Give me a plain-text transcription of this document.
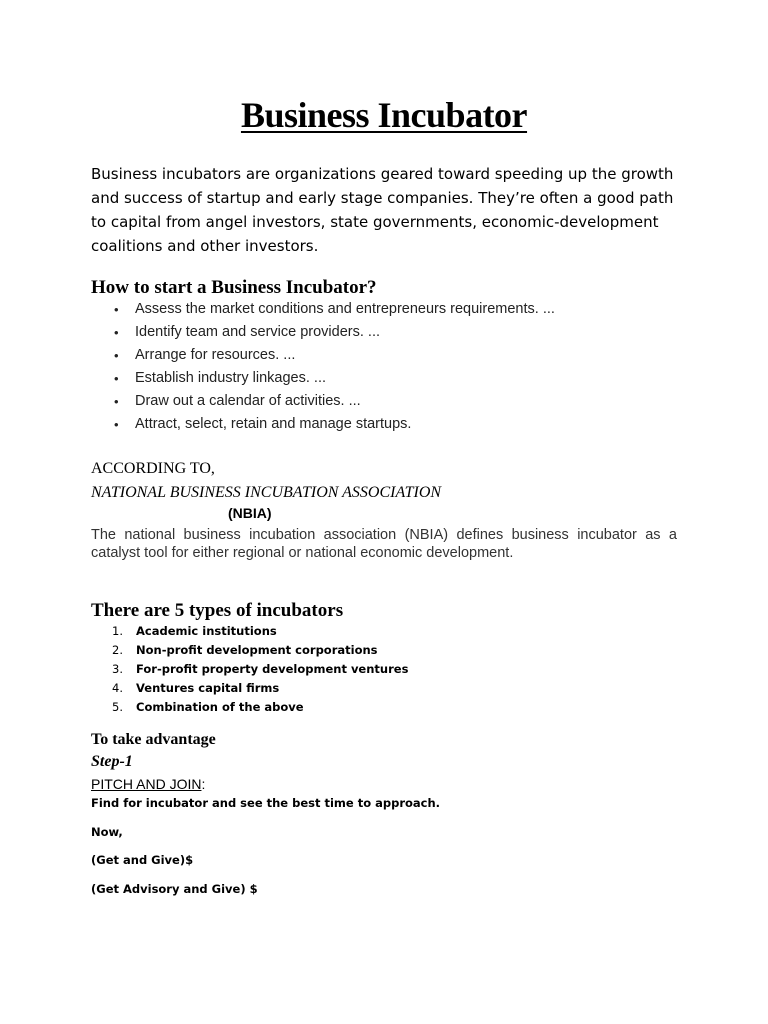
Business Incubator
Business incubators are organizations geared toward speeding up the growth and success of startup and early stage companies. They’re often a good path to capital from angel investors, state governments, economic-development coalitions and other investors.
How to start a Business Incubator?
• Assess the market conditions and entrepreneurs requirements. ...
• Identify team and service providers. ...
• Arrange for resources. ...
• Establish industry linkages. ...
• Draw out a calendar of activities. ...
• Attract, select, retain and manage startups.
ACCORDING TO,
NATIONAL BUSINESS INCUBATION ASSOCIATION
(NBIA)
The national business incubation association (NBIA) defines business incubator as a catalyst tool for either regional or national economic development.
There are 5 types of incubators
1. Academic institutions
2. Non-profit development corporations
3. For-profit property development ventures
4. Ventures capital firms
5. Combination of the above
To take advantage
Step-1
PITCH AND JOIN:
Find for incubator and see the best time to approach.
Now,
(Get and Give)$
(Get Advisory and Give) $
